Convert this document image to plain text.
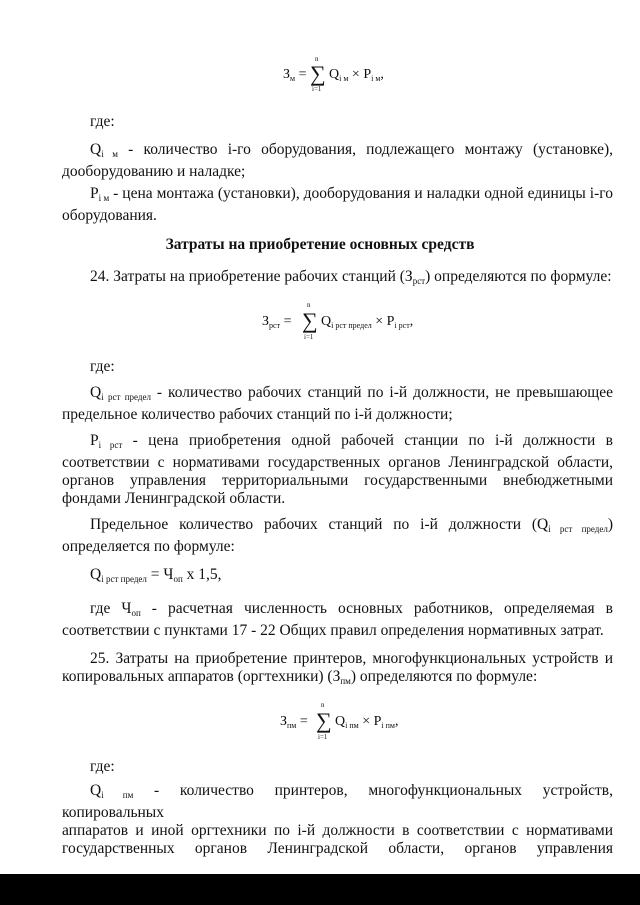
$З_м$ =
n
∑
i=1
$Q_{i м} \times P_{i м}$,
где:
$Q_{i м}$ - количество i-го оборудования, подлежащего монтажу (установке),
дооборудованию и наладке;
$P_{i м}$ - цена монтажа (установки), дооборудования и наладки одной единицы i-го
оборудования.
Затраты на приобретение основных средств
24. Затраты на приобретение рабочих станций $(З_{рст})$ определяются по формуле:
$З_{рст}$ =
n
∑
i=1
$Q_{i рст предел} \times P_{i рст}$,
где:
$Q_{i рст предел}$ - количество рабочих станций по i-й должности, не превышающее
предельное количество рабочих станций по i-й должности;
$P_{i рст}$ - цена приобретения одной рабочей станции по i-й должности в
соответствии с нормативами государственных органов Ленинградской области,
органов управления территориальными государственными внебюджетными
фондами Ленинградской области.
Предельное количество рабочих станций по i-й должности $(Q_{i рст предел})$
определяется по формуле:
$Q_{i рст предел} = Ч_{оп}$ x 1,5,
где $Ч_{оп}$ - расчетная численность основных работников, определяемая в
соответствии с пунктами 17 - 22 Общих правил определения нормативных затрат.
25. Затраты на приобретение принтеров, многофункциональных устройств и
копировальных аппаратов (оргтехники) $(З_{пм})$ определяются по формуле:
$З_{пм}$ =
n
∑
i=1
$Q_{i пм} \times P_{i пм}$,
где:
$Q_{i пм}$ - количество принтеров, многофункциональных устройств, копировальных
аппаратов и иной оргтехники по i-й должности в соответствии с нормативами
государственных органов Ленинградской области, органов управления
